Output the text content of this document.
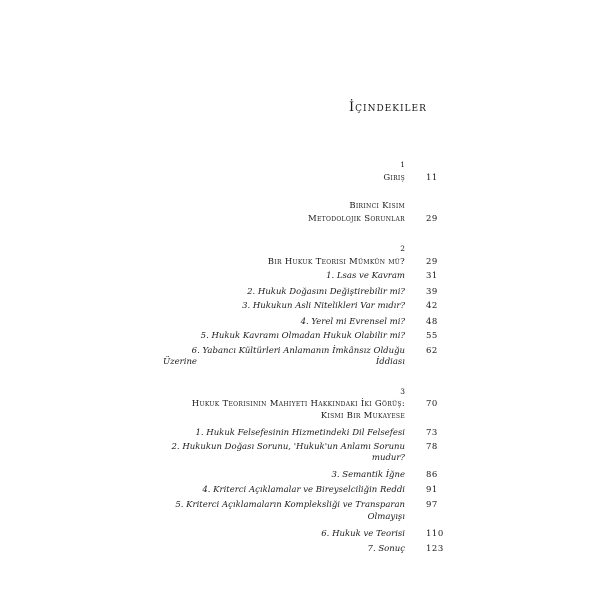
İçindekiler
1
Giriş 11
Birinci Kısım
Metodolojik Sorunlar 29
2
Bir Hukuk Teorisi Mümkün mü? 29
1. Lsas ve Kavram 31
2. Hukuk Doğasını Değiştirebilir mi? 39
3. Hukukun Asli Nitelikleri Var mıdır? 42
4. Yerel mi Evrensel mi? 48
5. Hukuk Kavramı Olmadan Hukuk Olabilir mi? 55
6. Yabancı Kültürleri Anlamanın İmkânsız Olduğu İddiası
62
Üzerine
3
Hukuk Teorisinin Mahiyeti Hakkındaki İki Görüş: 70
Kısmi Bir Mukayese
1. Hukuk Felsefesinin Hizmetindeki Dil Felsefesi 73
2. Hukukun Doğası Sorunu, 'Hukuk'un Anlamı Sorunu 78
mudur?
3. Semantik İğne 86
4. Kriterci Açıklamalar ve Bireyselciliğin Reddi 91
5. Kriterci Açıklamaların Kompleksliği ve Transparan 97
Olmayışı
6. Hukuk ve Teorisi 110
7. Sonuç 123
